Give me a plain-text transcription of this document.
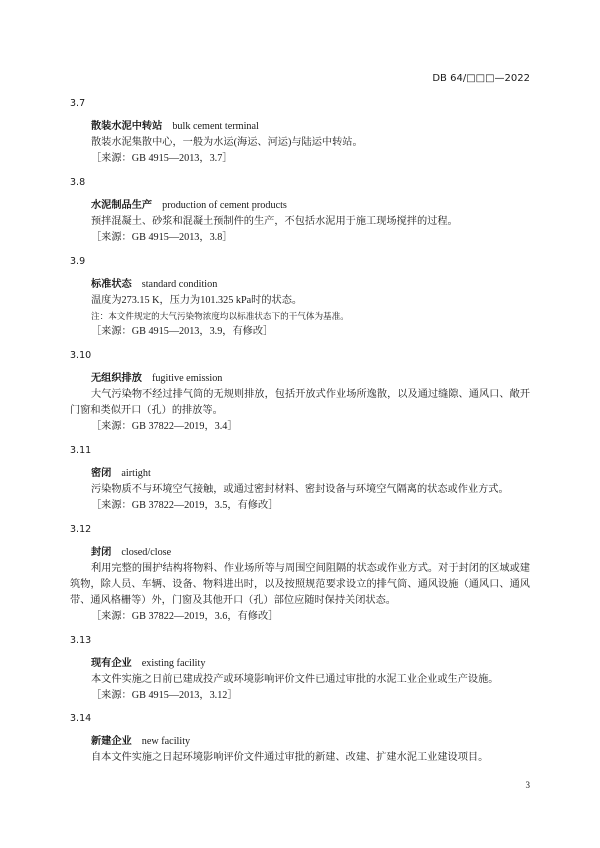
DB 64/□□□—2022
3.7
散装水泥中转站 bulk cement terminal
散装水泥集散中心，一般为水运(海运、河运)与陆运中转站。
［来源：GB 4915—2013，3.7］
3.8
水泥制品生产 production of cement products
预拌混凝土、砂浆和混凝土预制件的生产，不包括水泥用于施工现场搅拌的过程。
［来源：GB 4915—2013，3.8］
3.9
标准状态 standard condition
温度为273.15 K，压力为101.325 kPa时的状态。
注：本文件规定的大气污染物浓度均以标准状态下的干气体为基准。
［来源：GB 4915—2013，3.9，有修改］
3.10
无组织排放 fugitive emission
大气污染物不经过排气筒的无规则排放，包括开放式作业场所逸散，以及通过缝隙、通风口、敞开
门窗和类似开口（孔）的排放等。
［来源：GB 37822—2019，3.4］
3.11
密闭 airtight
污染物质不与环境空气接触，或通过密封材料、密封设备与环境空气隔离的状态或作业方式。
［来源：GB 37822—2019，3.5，有修改］
3.12
封闭 closed/close
利用完整的围护结构将物料、作业场所等与周围空间阻隔的状态或作业方式。对于封闭的区域或建
筑物，除人员、车辆、设备、物料进出时，以及按照规范要求设立的排气筒、通风设施（通风口、通风
带、通风格栅等）外，门窗及其他开口（孔）部位应随时保持关闭状态。
［来源：GB 37822—2019，3.6，有修改］
3.13
现有企业 existing facility
本文件实施之日前已建成投产或环境影响评价文件已通过审批的水泥工业企业或生产设施。
［来源：GB 4915—2013，3.12］
3.14
新建企业 new facility
自本文件实施之日起环境影响评价文件通过审批的新建、改建、扩建水泥工业建设项目。
3
